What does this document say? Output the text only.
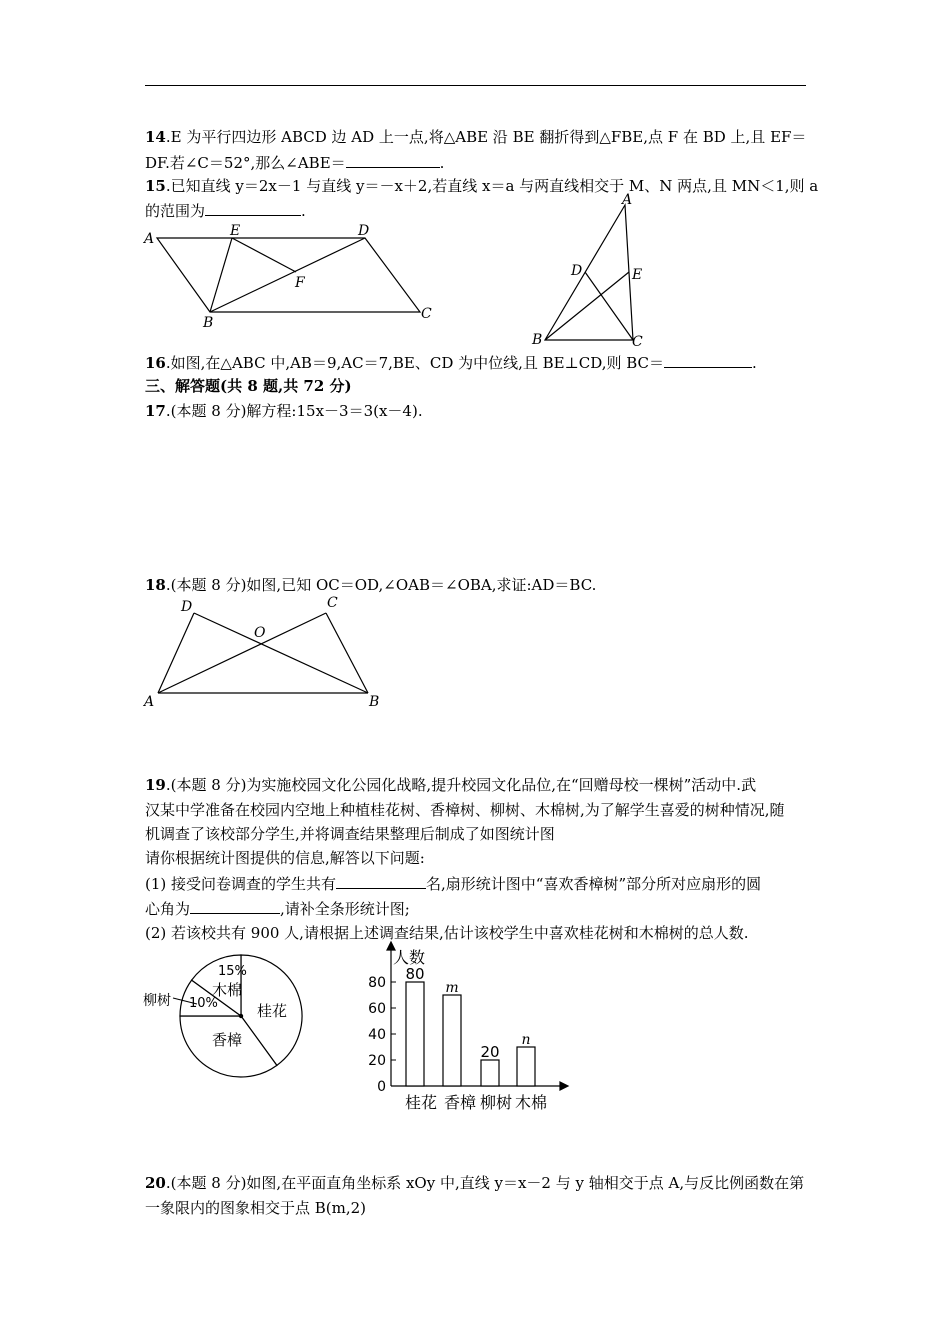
14.E 为平行四边形 ABCD 边 AD 上一点,将△ABE 沿 BE 翻折得到△FBE,点 F 在 BD 上,且 EF＝
DF.若∠C＝52°,那么∠ABE＝	.
15.已知直线 y＝2x－1 与直线 y＝－x＋2,若直线 x＝a 与两直线相交于 M、N 两点,且 MN＜1,则 a
的范围为	.
A	E	D
F
B
C
A
D	E
B	C
16.如图,在△ABC 中,AB＝9,AC＝7,BE、CD 为中位线,且 BE⊥CD,则 BC＝	.
三、解答题(共 8 题,共 72 分)
17.(本题 8 分)解方程:15x－3＝3(x－4).
18.(本题 8 分)如图,已知 OC＝OD,∠OAB＝∠OBA,求证:AD＝BC.
D	C
O
A	B
19.(本题 8 分)为实施校园文化公园化战略,提升校园文化品位,在“回赠母校一棵树”活动中.武
汉某中学准备在校园内空地上种植桂花树、香樟树、柳树、木棉树,为了解学生喜爱的树种情况,随
机调查了该校部分学生,并将调查结果整理后制成了如图统计图
请你根据统计图提供的信息,解答以下问题:
(1) 接受问卷调查的学生共有	名,扇形统计图中“喜欢香樟树”部分所对应扇形的圆
心角为	,请补全条形统计图;
(2) 若该校共有 900 人,请根据上述调查结果,估计该校学生中喜欢桂花树和木棉树的总人数.
桂花
香樟
10%
15%
木棉
柳树
80
m
20
n
0
20
40
60
80
桂花 香樟 柳树 木棉
人数
20.(本题 8 分)如图,在平面直角坐标系 xOy 中,直线 y＝x－2 与 y 轴相交于点 A,与反比例函数在第
一象限内的图象相交于点 B(m,2)
